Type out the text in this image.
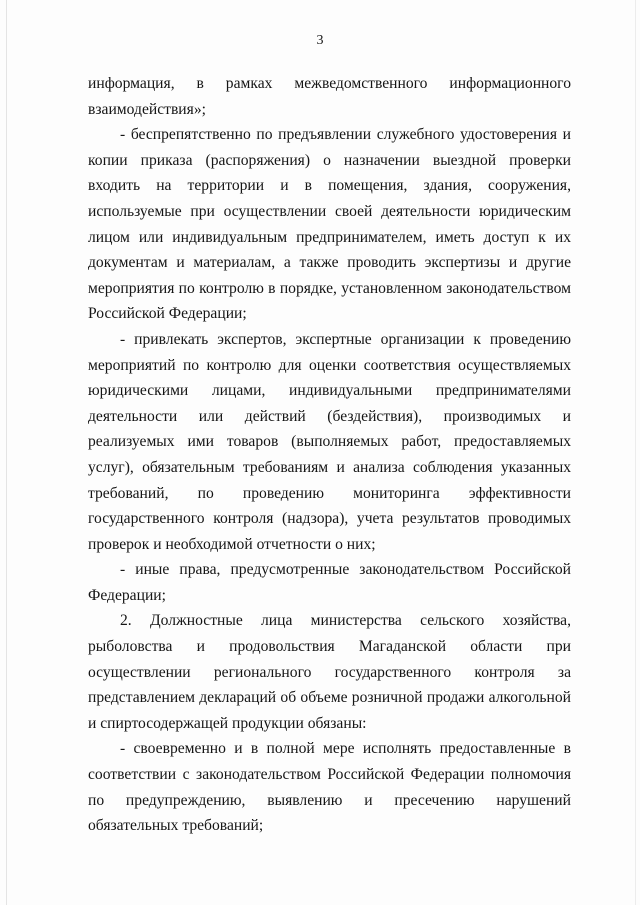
3

информация, в рамках межведомственного информационного

взаимодействия»;

- беспрепятственно по предъявлении служебного удостоверения и копии приказа (распоряжения) о назначении выездной проверки входить на территории и в помещения, здания, сооружения, используемые при осуществлении своей деятельности юридическим лицом или индивидуальным предпринимателем, иметь доступ к их документам и материалам, а также проводить экспертизы и другие мероприятия по контролю в порядке, установленном законодательством Российской Федерации;

- привлекать экспертов, экспертные организации к проведению мероприятий по контролю для оценки соответствия осуществляемых юридическими лицами, индивидуальными предпринимателями деятельности или действий (бездействия), производимых и реализуемых ими товаров (выполняемых работ, предоставляемых услуг), обязательным требованиям и анализа соблюдения указанных требований, по проведению мониторинга эффективности государственного контроля (надзора), учета результатов проводимых проверок и необходимой отчетности о них;

- иные права, предусмотренные законодательством Российской Федерации;

2. Должностные лица министерства сельского хозяйства, рыболовства и продовольствия Магаданской области при осуществлении регионального государственного контроля за представлением деклараций об объеме розничной продажи алкогольной и спиртосодержащей продукции обязаны:

- своевременно и в полной мере исполнять предоставленные в соответствии с законодательством Российской Федерации полномочия по предупреждению, выявлению и пресечению нарушений обязательных требований;
